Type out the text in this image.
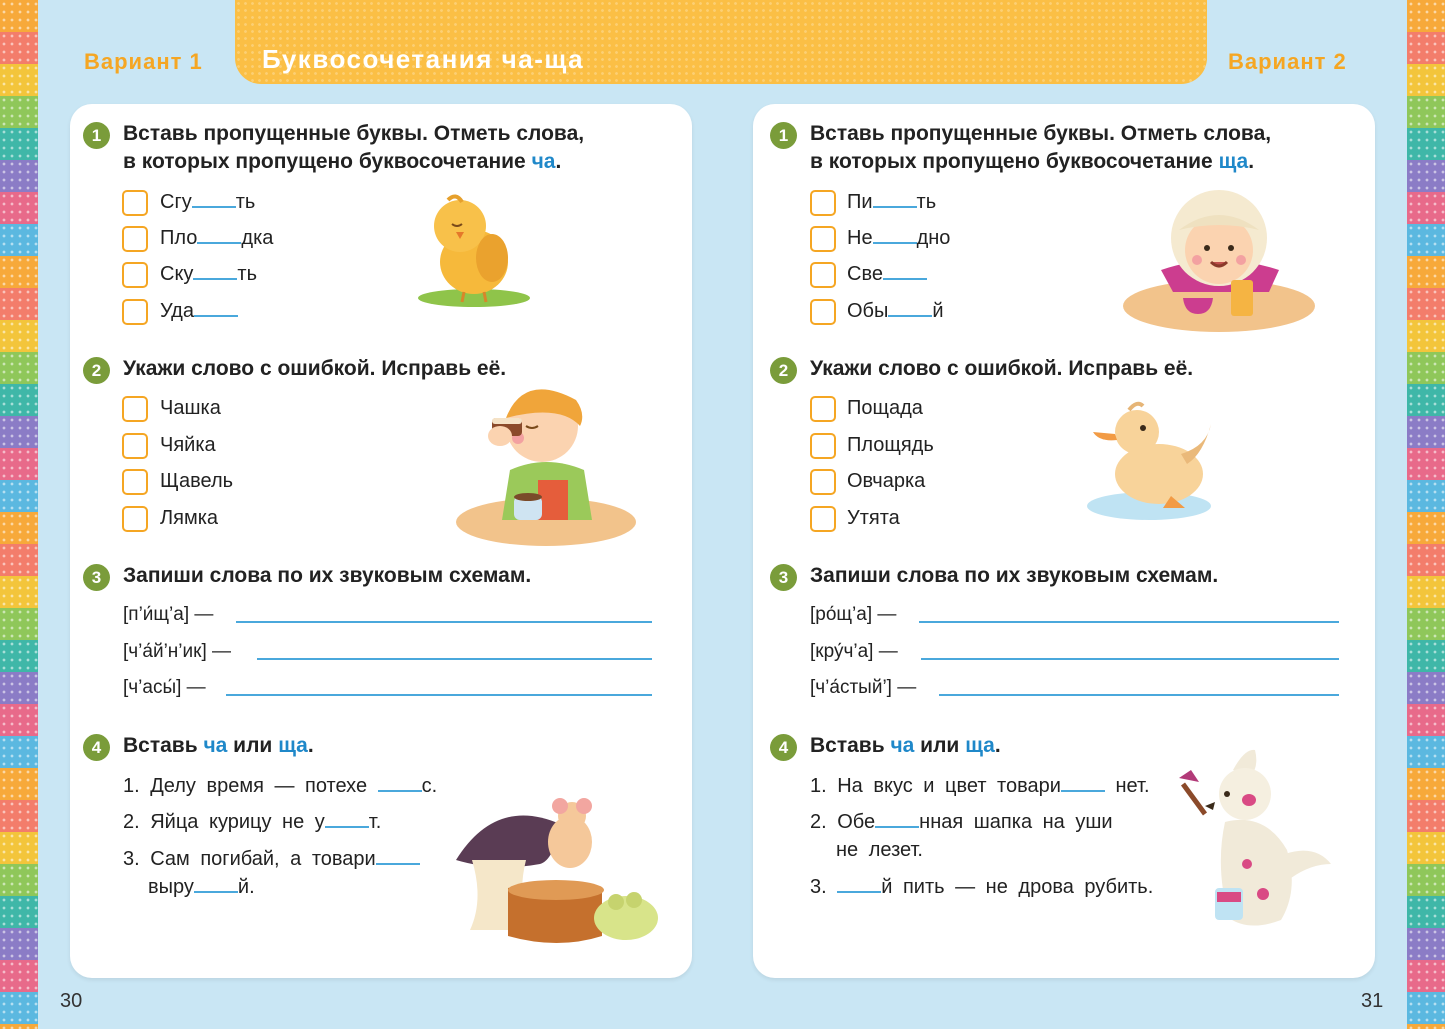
Буквосочетания ча-ща
Вариант 1	Вариант 2
1	Вставь пропущенные буквы. Отметь слова,
в которых пропущено буквосочетание ча.
Сгу ть
Пло дка
Ску ть
Уда
2	Укажи слово с ошибкой. Исправь её.
Чашка
Чяйка
Щавель
Лямка
3	Запиши слова по их звуковым схемам.
[п’и́щ’а] —
[ч’а́й’н’ик] —
[ч’асы́] —
4	Вставь ча или ща.
1. Делу время — потехе с.
2. Яйца курицу не у т.
3. Сам погибай, а товари
выру й.
1	Вставь пропущенные буквы. Отметь слова,
в которых пропущено буквосочетание ща.
Пи ть
Не дно
Све
Обы й
2	Укажи слово с ошибкой. Исправь её.
Пощада
Площядь
Овчарка
Утята
3	Запиши слова по их звуковым схемам.
[ро́щ’а] —
[кру́ч’а] —
[ч’а́стый’] —
4	Вставь ча или ща.
1. На вкус и цвет товари	нет.
2. Обе нная шапка на уши
не лезет.
3. й пить — не дрова рубить.
30	31
